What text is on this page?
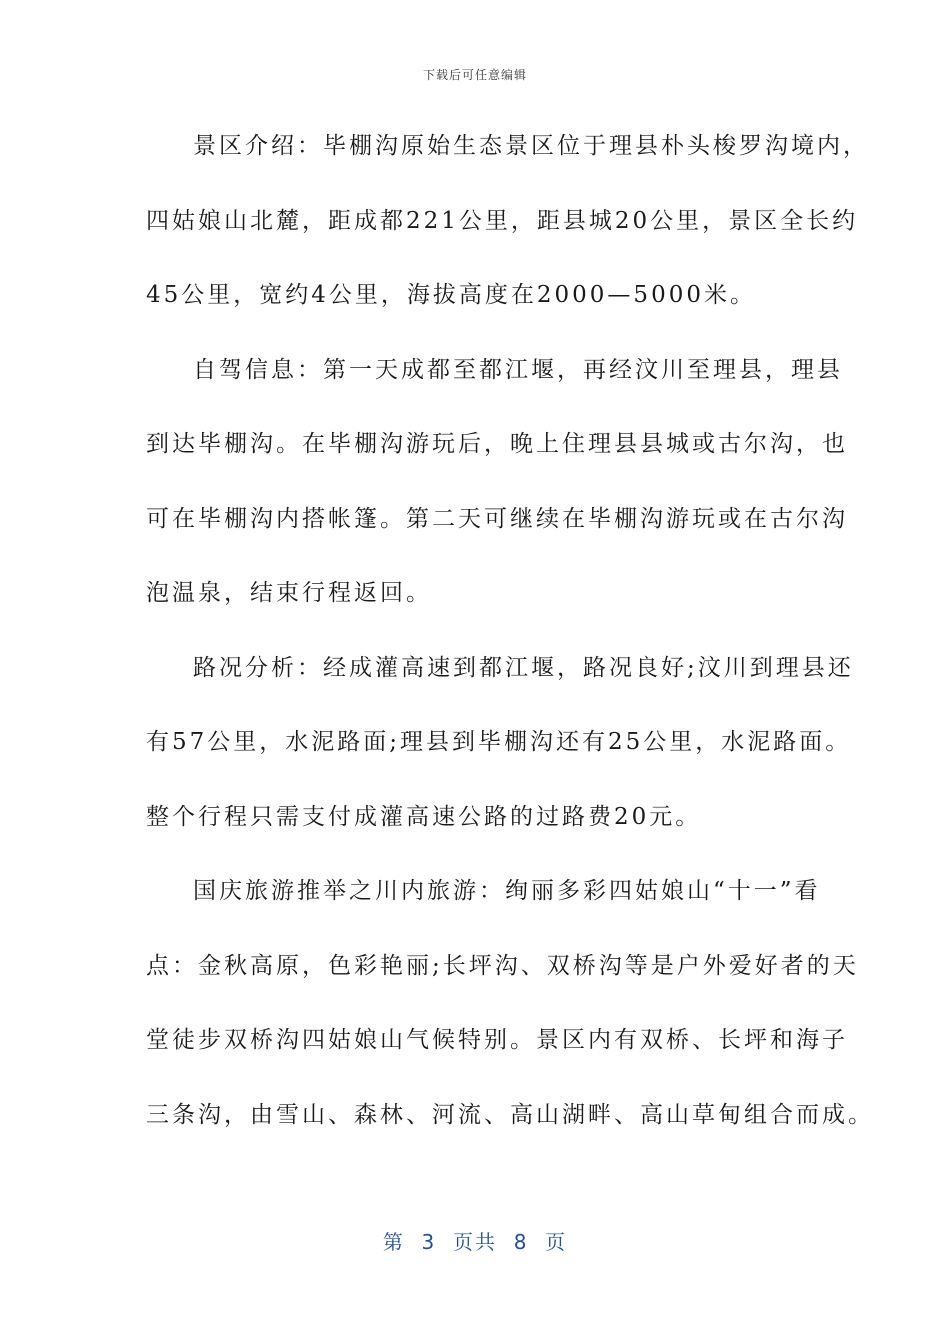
下载后可任意编辑
景区介绍：毕棚沟原始生态景区位于理县朴头梭罗沟境内，
四姑娘山北麓，距成都221公里，距县城20公里，景区全长约
45公里，宽约4公里，海拔高度在2000—5000米。
自驾信息：第一天成都至都江堰，再经汶川至理县，理县
到达毕棚沟。在毕棚沟游玩后，晚上住理县县城或古尔沟，也
可在毕棚沟内搭帐篷。第二天可继续在毕棚沟游玩或在古尔沟
泡温泉，结束行程返回。
路况分析：经成灌高速到都江堰，路况良好;汶川到理县还
有57公里，水泥路面;理县到毕棚沟还有25公里，水泥路面。
整个行程只需支付成灌高速公路的过路费20元。
国庆旅游推举之川内旅游：绚丽多彩四姑娘山“十一”看
点：金秋高原，色彩艳丽;长坪沟、双桥沟等是户外爱好者的天
堂徒步双桥沟四姑娘山气候特别。景区内有双桥、长坪和海子
三条沟，由雪山、森林、河流、高山湖畔、高山草甸组合而成。
第  3  页共  8  页
